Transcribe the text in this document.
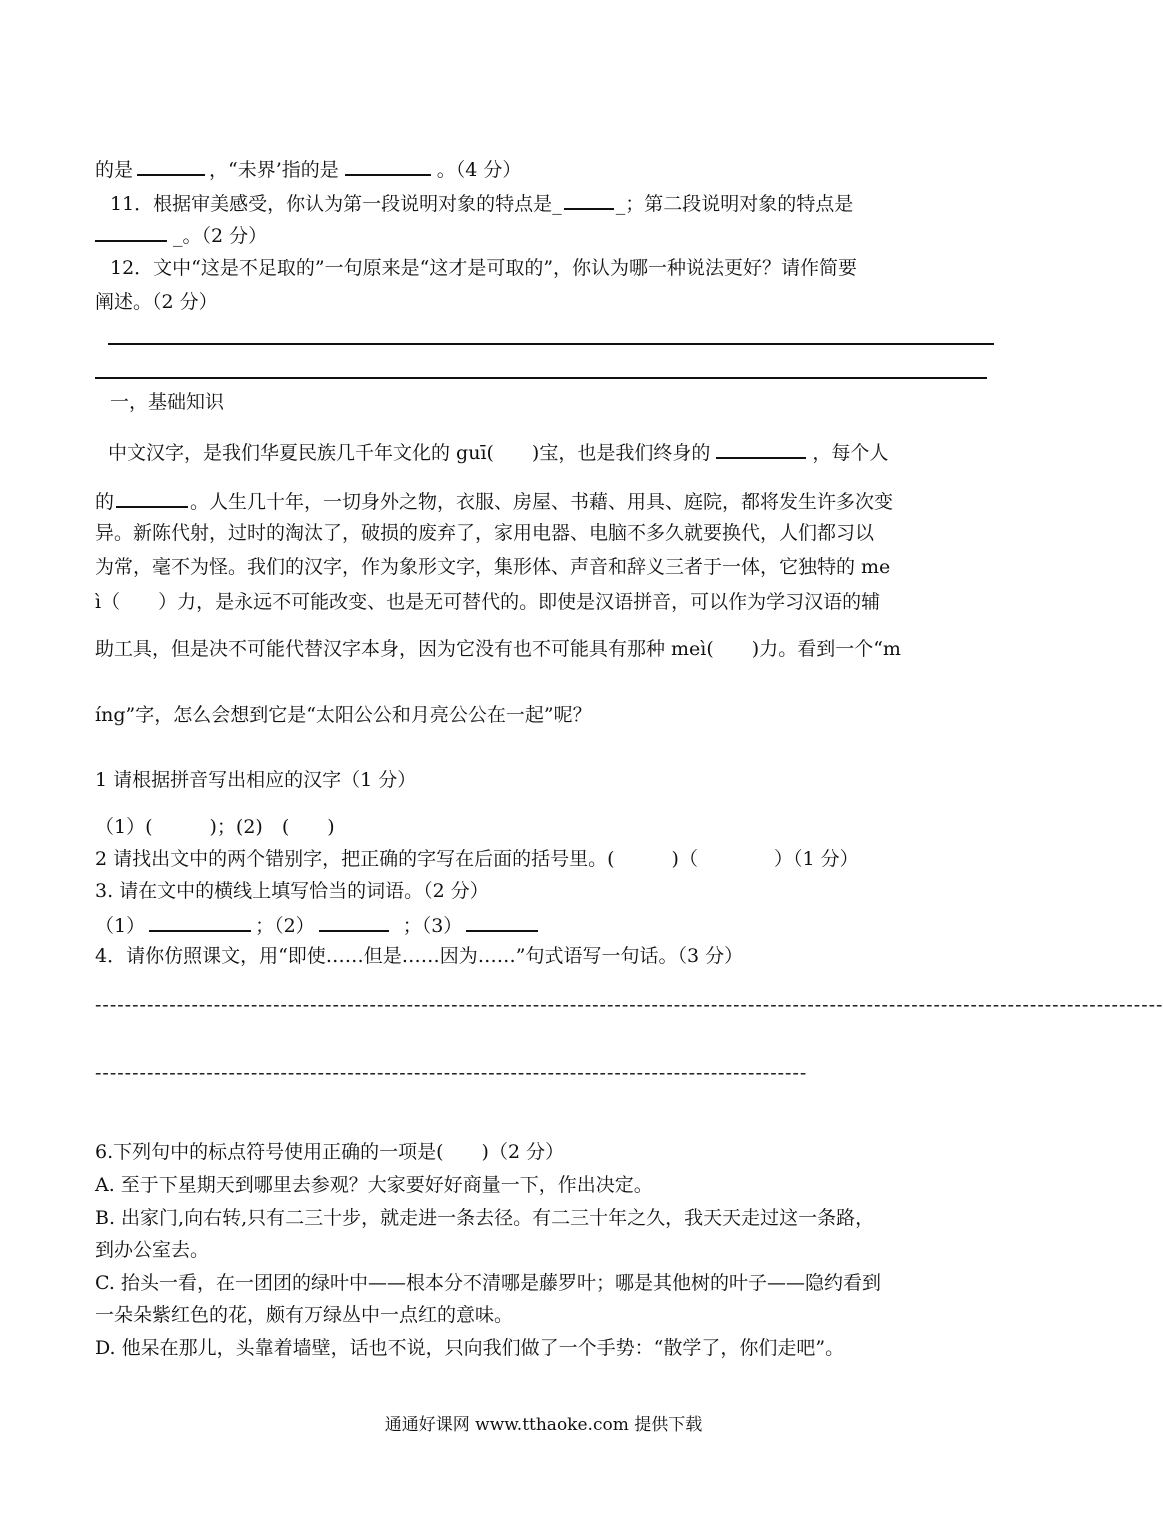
的是	，“未界’指的是	。（4 分）
11．根据审美感受，你认为第一段说明对象的特点是_	_；第二段说明对象的特点是
_。（2 分）
12．文中“这是不足取的”一句原来是“这才是可取的”，你认为哪一种说法更好？请作简要
阐述。（2 分）
一，基础知识
中文汉字，是我们华夏民族几千年文化的 guī(　　)宝，也是我们终身的	，每个人
的	。人生几十年，一切身外之物，衣服、房屋、书藉、用具、庭院，都将发生许多次变
异。新陈代射，过时的淘汰了，破损的废弃了，家用电器、电脑不多久就要换代，人们都习以
为常，毫不为怪。我们的汉字，作为象形文字，集形体、声音和辞义三者于一体，它独特的 me
ì（　　）力，是永远不可能改变、也是无可替代的。即使是汉语拼音，可以作为学习汉语的辅
助工具，但是决不可能代替汉字本身，因为它没有也不可能具有那种 meì(　　)力。看到一个“m
íng”字，怎么会想到它是“太阳公公和月亮公公在一起”呢？
1 请根据拼音写出相应的汉字（1 分）
（1）(　　　)；(2)　(　　)
2 请找出文中的两个错别字，把正确的字写在后面的括号里。(　　　)（　　　　）（1 分）
3. 请在文中的横线上填写恰当的词语。（2 分）
（1）	；（2）	；（3）
4．请你仿照课文，用“即使……但是……因为……”句式语写一句话。（3 分）
------------------------------------------------------------------------------------------------------------------------------------------------
------------------------------------------------------------------------------------------------
6.下列句中的标点符号使用正确的一项是(　　)（2 分）
A. 至于下星期天到哪里去参观？大家要好好商量一下，作出决定。
B. 出家门,向右转,只有二三十步，就走进一条去径。有二三十年之久，我天天走过这一条路，
到办公室去。
C. 抬头一看，在一团团的绿叶中——根本分不清哪是藤罗叶；哪是其他树的叶子——隐约看到
一朵朵紫红色的花，颇有万绿丛中一点红的意味。
D. 他呆在那儿，头靠着墙壁，话也不说，只向我们做了一个手势：“散学了，你们走吧”。
通通好课网 www.tthaoke.com 提供下载
